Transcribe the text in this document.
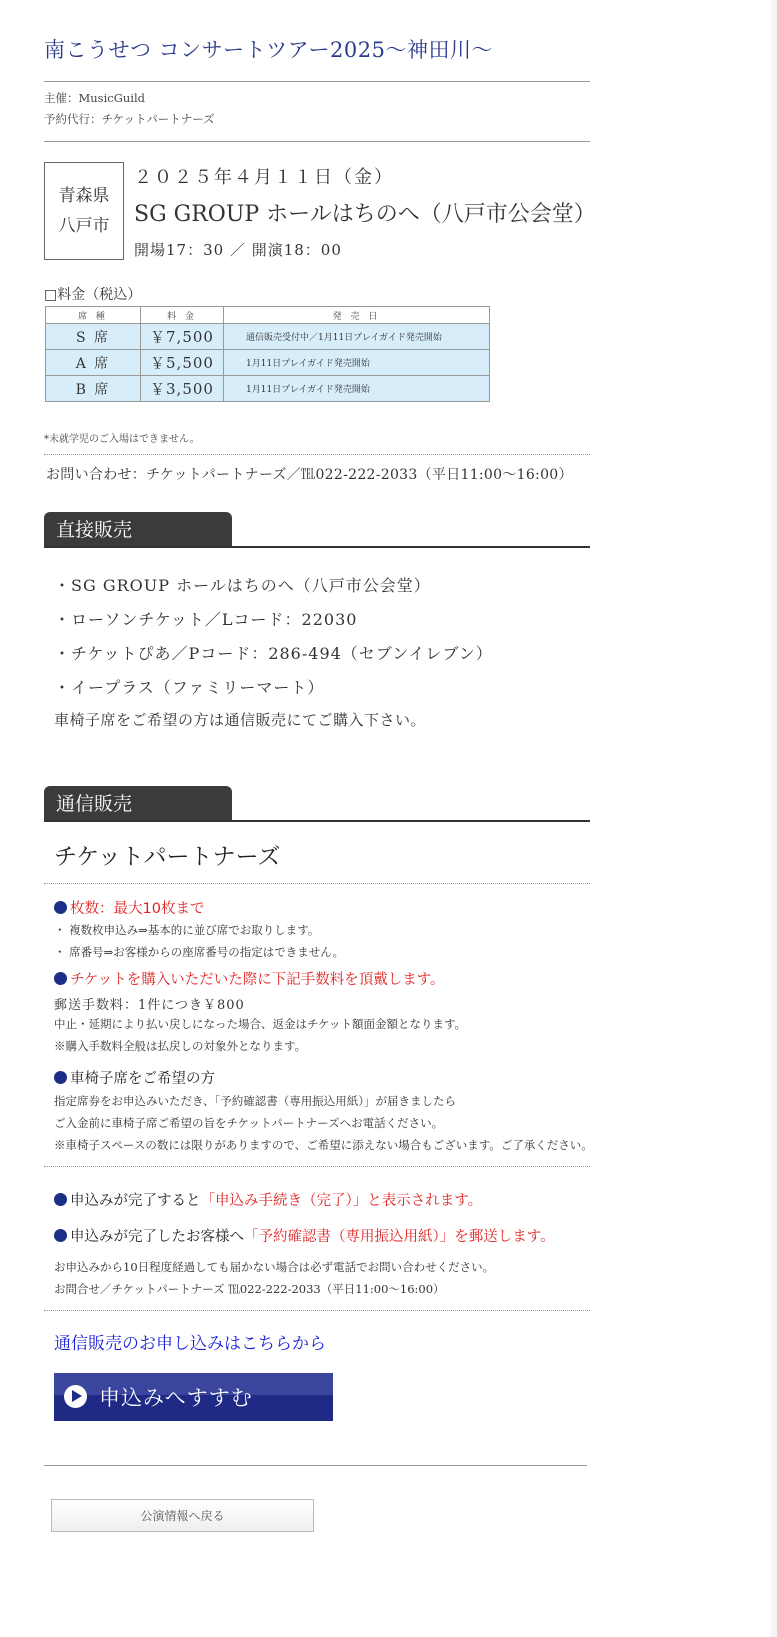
南こうせつ コンサートツアー2025〜神田川〜
主催：MusicGuild
予約代行：チケットパートナーズ
青森県
八戸市
２０２５年４月１１日（金）
SG GROUP ホールはちのへ（八戸市公会堂）
開場17：30 ／ 開演18：00
□料金（税込）
席 種	料 金	発 売 日
S 席	￥7,500	通信販売受付中／1月11日プレイガイド発売開始
A 席	￥5,500	1月11日プレイガイド発売開始
B 席	￥3,500	1月11日プレイガイド発売開始
*未就学児のご入場はできません。
お問い合わせ：チケットパートナーズ／℡022-222-2033（平日11:00〜16:00）
直接販売
・SG GROUP ホールはちのへ（八戸市公会堂）
・ローソンチケット／Lコード：22030
・チケットぴあ／Pコード：286-494（セブンイレブン）
・イープラス（ファミリーマート）
車椅子席をご希望の方は通信販売にてご購入下さい。
通信販売
チケットパートナーズ
枚数：最大10枚まで
・ 複数枚申込み⇒基本的に並び席でお取りします。
・ 席番号⇒お客様からの座席番号の指定はできません。
チケットを購入いただいた際に下記手数料を頂戴します。
郵送手数料：1件につき￥800
中止・延期により払い戻しになった場合、返金はチケット額面金額となります。
※購入手数料全般は払戻しの対象外となります。
車椅子席をご希望の方
指定席券をお申込みいただき、「予約確認書（専用振込用紙）」が届きましたら
ご入金前に車椅子席ご希望の旨をチケットパートナーズへお電話ください。
※車椅子スペースの数には限りがありますので、ご希望に添えない場合もございます。ご了承ください。
申込みが完了すると「申込み手続き（完了）」と表示されます。
申込みが完了したお客様へ「予約確認書（専用振込用紙）」を郵送します。
お申込みから10日程度経過しても届かない場合は必ず電話でお問い合わせください。
お問合せ／チケットパートナーズ ℡022-222-2033（平日11:00〜16:00）
通信販売のお申し込みはこちらから
申込みへすすむ
公演情報へ戻る
